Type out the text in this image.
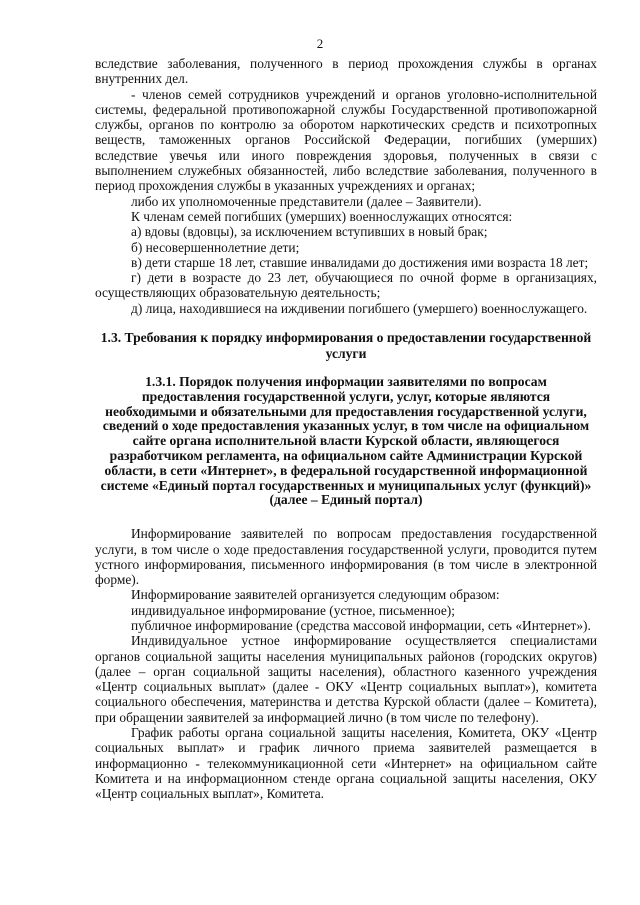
2

вследствие заболевания, полученного в период прохождения службы в органах внутренних дел.

- членов семей сотрудников учреждений и органов уголовно-исполнительной системы, федеральной противопожарной службы Государственной противопожарной службы, органов по контролю за оборотом наркотических средств и психотропных веществ, таможенных органов Российской Федерации, погибших (умерших) вследствие увечья или иного повреждения здоровья, полученных в связи с выполнением служебных обязанностей, либо вследствие заболевания, полученного в период прохождения службы в указанных учреждениях и органах;

либо их уполномоченные представители (далее – Заявители).

К членам семей погибших (умерших) военнослужащих относятся:

а) вдовы (вдовцы), за исключением вступивших в новый брак;

б) несовершеннолетние дети;

в) дети старше 18 лет, ставшие инвалидами до достижения ими возраста 18 лет;

г) дети в возрасте до 23 лет, обучающиеся по очной форме в организациях, осуществляющих образовательную деятельность;

д) лица, находившиеся на иждивении погибшего (умершего) военнослужащего.

1.3. Требования к порядку информирования о предоставлении государственной услуги

1.3.1. Порядок получения информации заявителями по вопросам предоставления государственной услуги, услуг, которые являются необходимыми и обязательными для предоставления государственной услуги, сведений о ходе предоставления указанных услуг, в том числе на официальном сайте органа исполнительной власти Курской области, являющегося разработчиком регламента, на официальном сайте Администрации Курской области, в сети «Интернет», в федеральной государственной информационной системе «Единый портал государственных и муниципальных услуг (функций)» (далее – Единый портал)

Информирование заявителей по вопросам предоставления государственной услуги, в том числе о ходе предоставления государственной услуги, проводится путем устного информирования, письменного информирования (в том числе в электронной форме).

Информирование заявителей организуется следующим образом:

индивидуальное информирование (устное, письменное);

публичное информирование (средства массовой информации, сеть «Интернет»).

Индивидуальное устное информирование осуществляется специалистами органов социальной защиты населения муниципальных районов (городских округов) (далее – орган социальной защиты населения), областного казенного учреждения «Центр социальных выплат» (далее - ОКУ «Центр социальных выплат»), комитета социального обеспечения, материнства и детства Курской области (далее – Комитета), при обращении заявителей за информацией лично (в том числе по телефону).

График работы органа социальной защиты населения, Комитета, ОКУ «Центр социальных выплат» и график личного приема заявителей размещается в информационно - телекоммуникационной сети «Интернет» на официальном сайте Комитета и на информационном стенде органа социальной защиты населения, ОКУ «Центр социальных выплат», Комитета.
